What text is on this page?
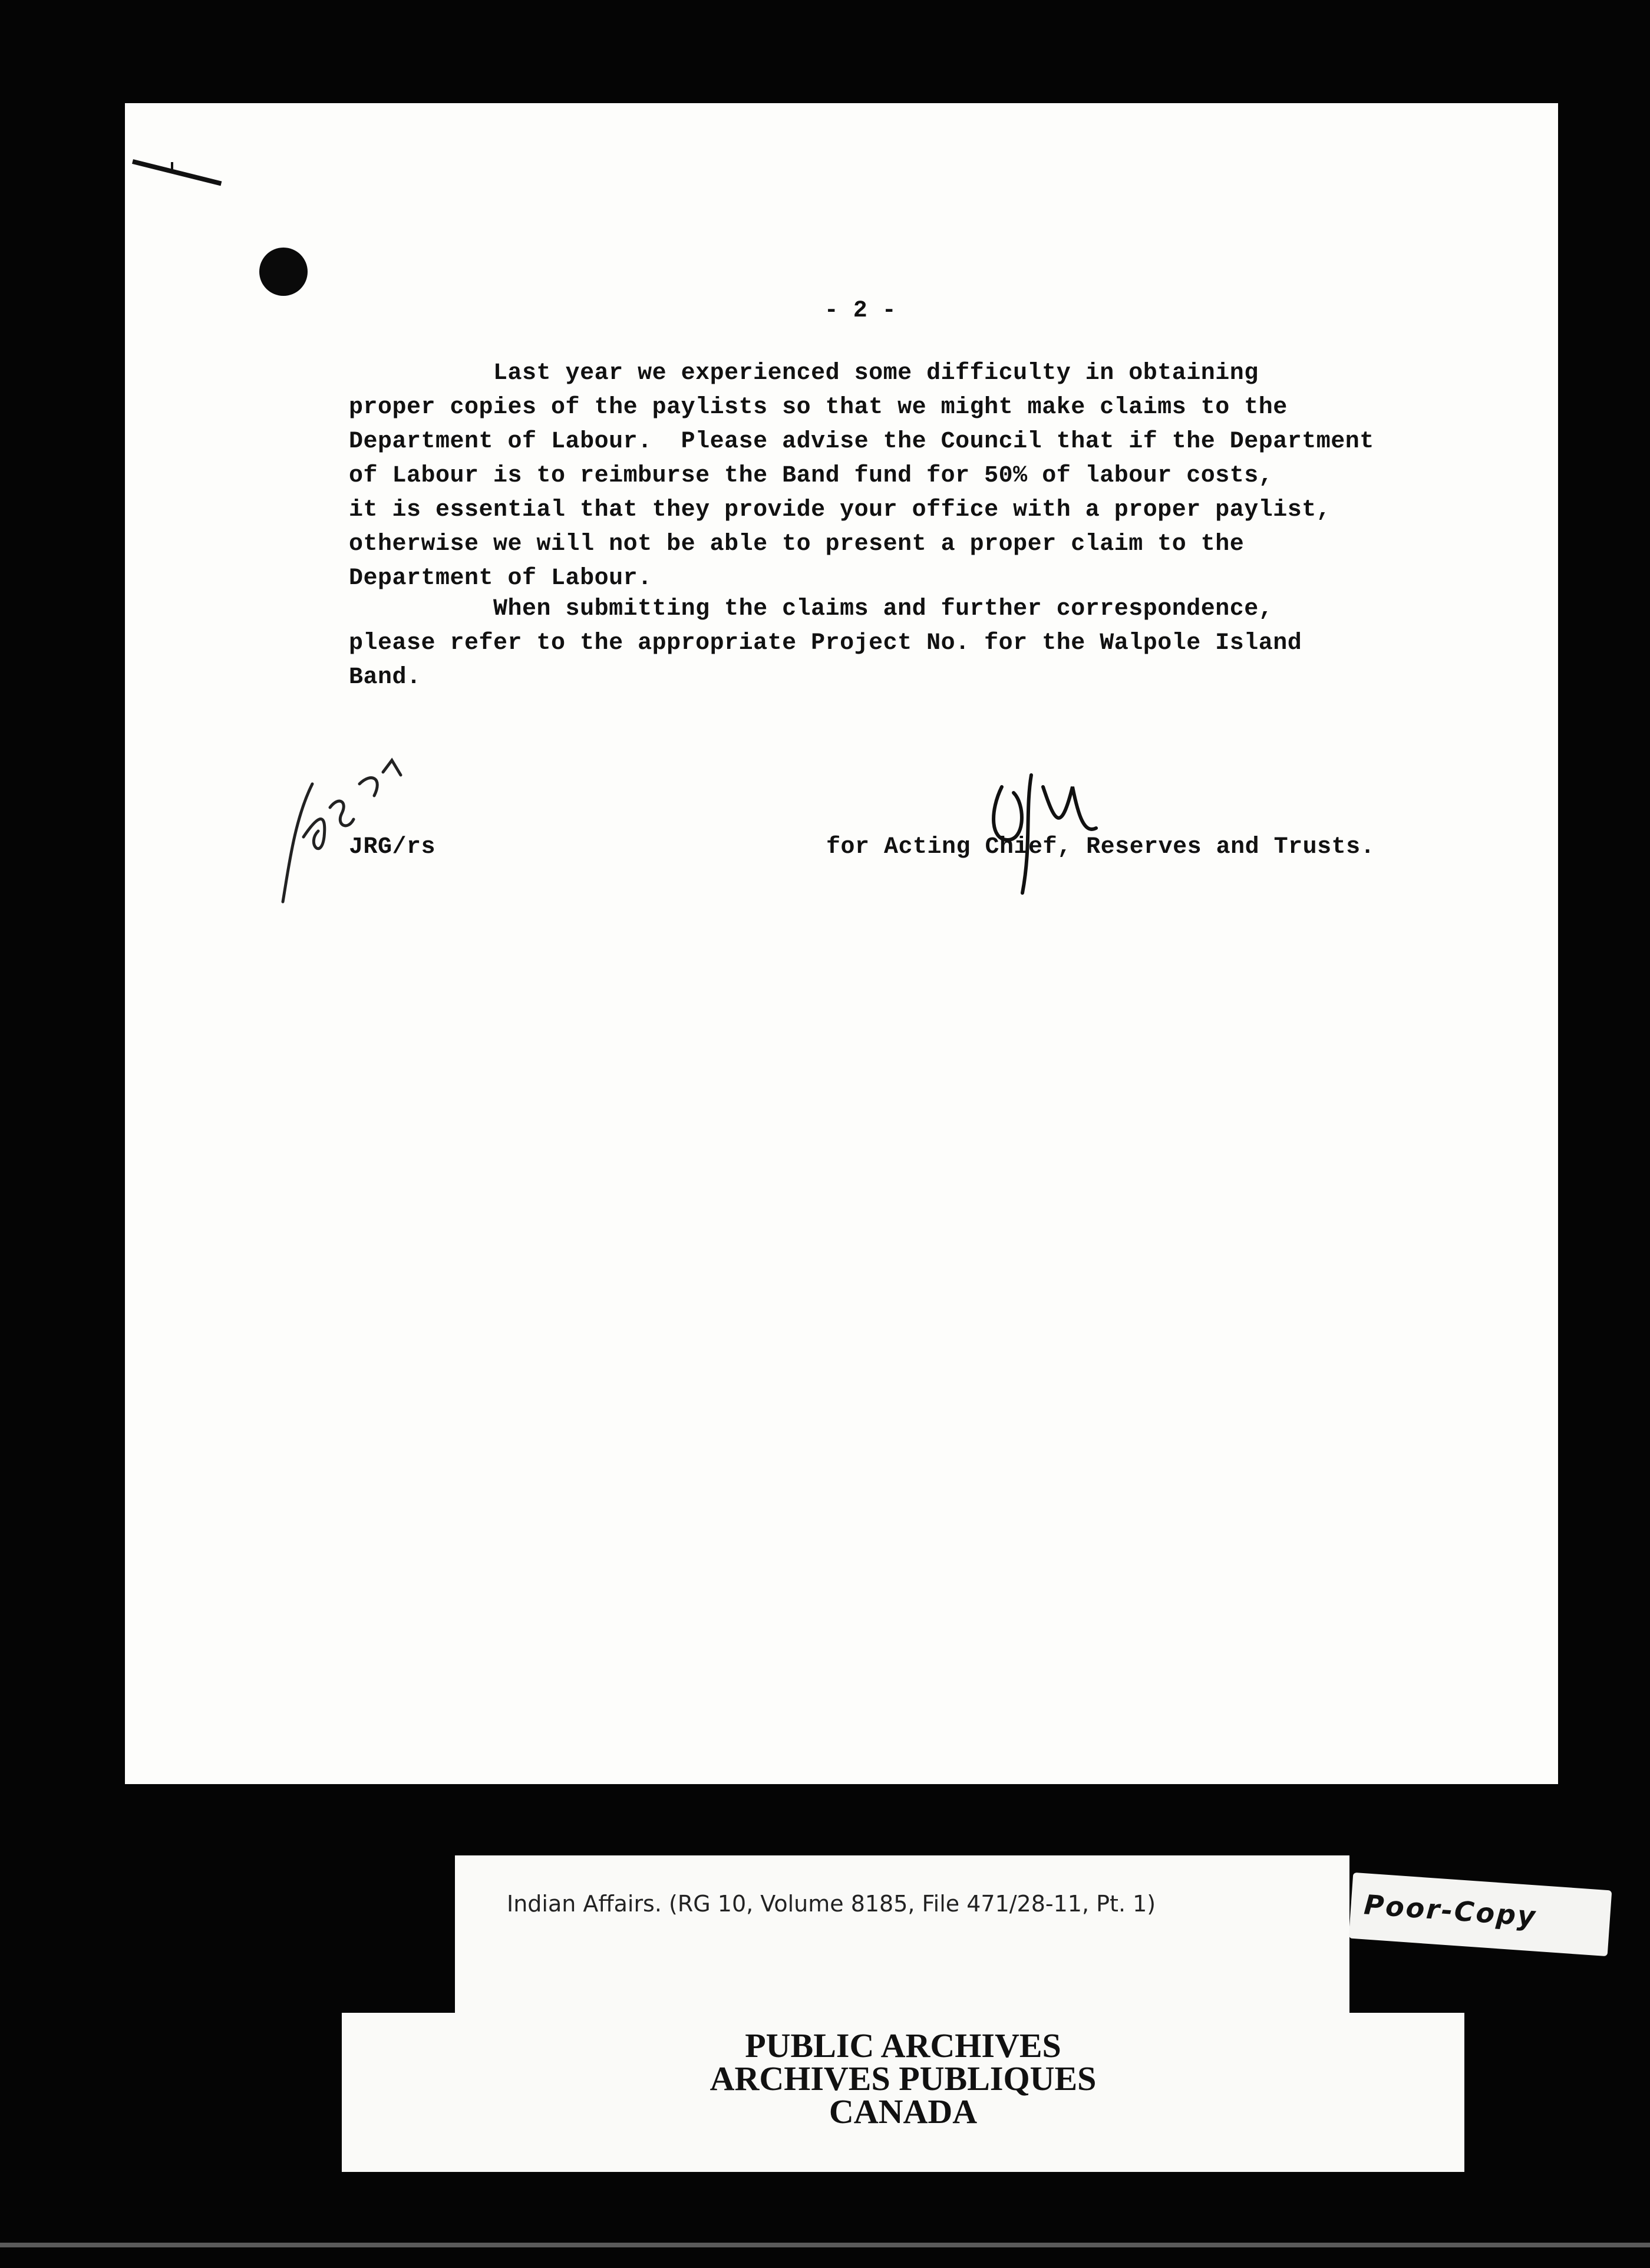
- 2 -

Last year we experienced some difficulty in obtaining
proper copies of the paylists so that we might make claims to the
Department of Labour.  Please advise the Council that if the Department
of Labour is to reimburse the Band fund for 50% of labour costs,
it is essential that they provide your office with a proper paylist,
otherwise we will not be able to present a proper claim to the
Department of Labour.

When submitting the claims and further correspondence,
please refer to the appropriate Project No. for the Walpole Island
Band.

JRG/rs	for Acting Chief, Reserves and Trusts.
Indian Affairs. (RG 10, Volume 8185, File 471/28-11, Pt. 1)	Poor-Copy
PUBLIC ARCHIVES
ARCHIVES PUBLIQUES
CANADA
